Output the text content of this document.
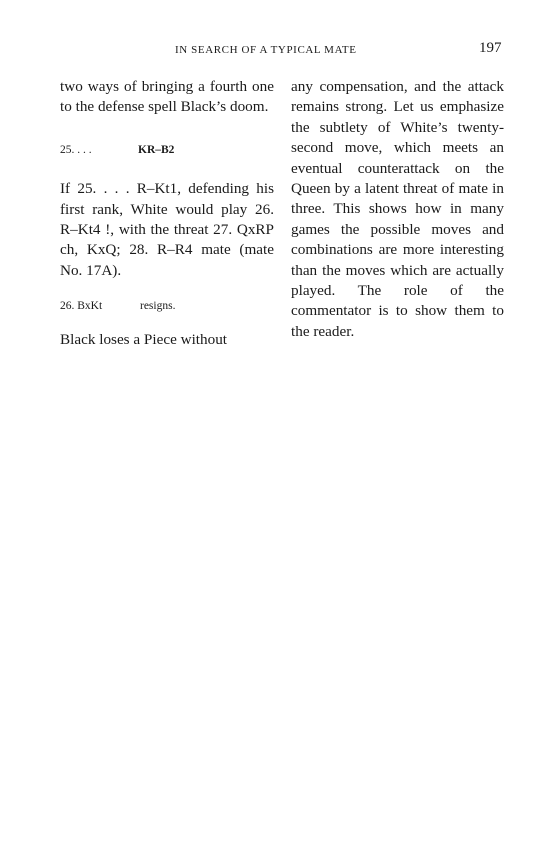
IN SEARCH OF A TYPICAL MATE	197

two ways of bringing a fourth one to the defense spell Black’s doom.

25. . . .	KR–B2

If 25. . . . R–Kt1, defending his first rank, White would play 26. R–Kt4 !, with the threat 27. QxRP ch, KxQ; 28. R–R4 mate (mate No. 17A).

26. BxKt	resigns.

Black loses a Piece without

any compensation, and the attack remains strong. Let us emphasize the subtlety of White’s twenty-second move, which meets an eventual counterattack on the Queen by a latent threat of mate in three. This shows how in many games the possible moves and combinations are more interesting than the moves which are actually played. The role of the commentator is to show them to the reader.
